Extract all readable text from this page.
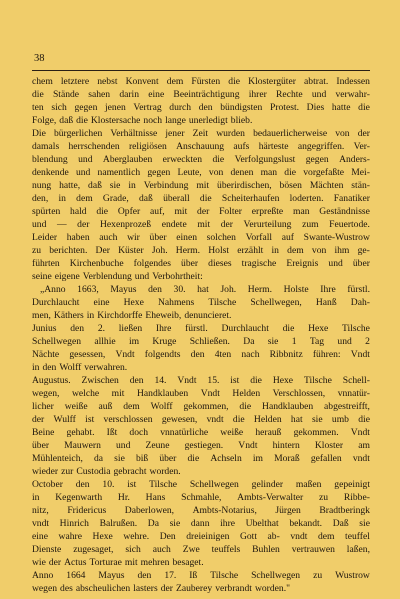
38
chem letztere nebst Konvent dem Fürsten die Klostergüter abtrat. Indessen
die Stände sahen darin eine Beeinträchtigung ihrer Rechte und verwahr-
ten sich gegen jenen Vertrag durch den bündigsten Protest. Dies hatte die
Folge, daß die Klostersache noch lange unerledigt blieb.
Die bürgerlichen Verhältnisse jener Zeit wurden bedauerlicherweise von der
damals herrschenden religiösen Anschauung aufs härteste angegriffen. Ver-
blendung und Aberglauben erweckten die Verfolgungslust gegen Anders-
denkende und namentlich gegen Leute, von denen man die vorgefaßte Mei-
nung hatte, daß sie in Verbindung mit überirdischen, bösen Mächten stän-
den, in dem Grade, daß überall die Scheiterhaufen loderten. Fanatiker
spürten hald die Opfer auf, mit der Folter erpreßte man Geständnisse
und — der Hexenprozeß endete mit der Verurteilung zum Feuertode.
Leider haben auch wir über einen solchen Vorfall auf Swante-Wustrow
zu berichten. Der Küster Joh. Herm. Holst erzählt in dem von ihm ge-
führten Kirchenbuche folgendes über dieses tragische Ereignis und über
seine eigene Verblendung und Verbohrtheit:
„Anno 1663, Mayus den 30. hat Joh. Herm. Holste Ihre fürstl.
Durchlaucht eine Hexe Nahmens Tilsche Schellwegen, Hanß Dah-
men, Käthers in Kirchdorffe Eheweib, denuncieret.
Junius den 2. ließen Ihre fürstl. Durchlaucht die Hexe Tilsche
Schellwegen allhie im Kruge Schließen. Da sie 1 Tag und 2
Nächte gesessen, Vndt folgendts den 4ten nach Ribbnitz führen: Vndt
in den Wolff verwahren.
Augustus. Zwischen den 14. Vndt 15. ist die Hexe Tilsche Schell-
wegen, welche mit Handklauben Vndt Helden Verschlossen, vnnatür-
licher weiße auß dem Wolff gekommen, die Handklauben abgestreifft,
der Wulff ist verschlossen gewesen, vndt die Helden hat sie umb die
Beine gehabt. Ißt doch vnnatürliche weiße herauß gekommen. Vndt
über Mauwern und Zeune gestiegen. Vndt hintern Kloster am
Mühlenteich, da sie biß über die Achseln im Moraß gefallen vndt
wieder zur Custodia gebracht worden.
October den 10. ist Tilsche Schellwegen gelinder maßen gepeinigt
in Kegenwarth Hr. Hans Schmahle, Ambts-Verwalter zu Ribbe-
nitz, Fridericus Daberlowen, Ambts-Notarius, Jürgen Bradtberingk
vndt Hinrich Balrußen. Da sie dann ihre Ubelthat bekandt. Daß sie
eine wahre Hexe wehre. Den dreieinigen Gott ab- vndt dem teuffel
Dienste zugesaget, sich auch Zwe teuffels Buhlen vertrauwen laßen,
wie der Actus Torturae mit mehren besaget.
Anno 1664 Mayus den 17. Iß Tilsche Schellwegen zu Wustrow
wegen des abscheulichen lasters der Zauberey verbrandt worden."
